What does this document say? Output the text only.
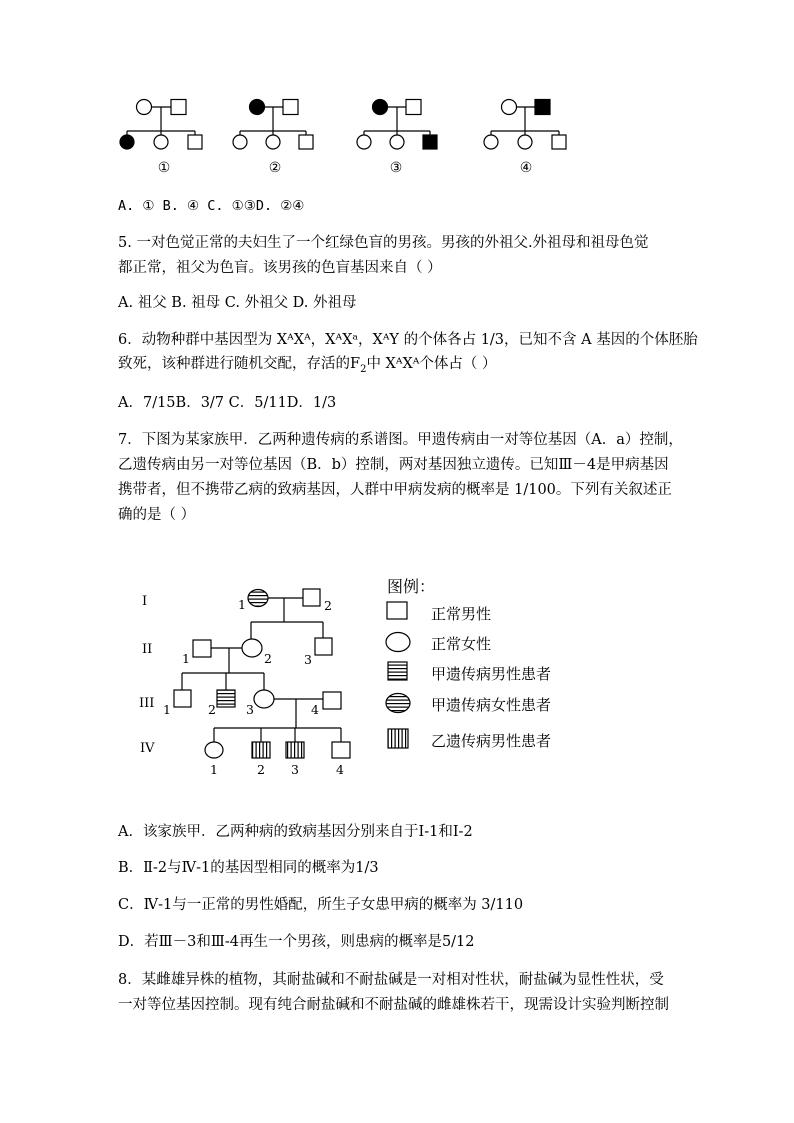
①	②	③	④
A. ① B. ④ C. ①③D. ②④
5. 一对色觉正常的夫妇生了一个红绿色盲的男孩。男孩的外祖父.外祖母和祖母色觉
都正常，祖父为色盲。该男孩的色盲基因来自（ ）
A. 祖父 B. 祖母 C. 外祖父 D. 外祖母
6．动物种群中基因型为 XᴬXᴬ，XᴬXᵃ，XᴬY 的个体各占 1/3，已知不含 A 基因的个体胚胎
致死，该种群进行随机交配，存活的$F_2$中 XᴬXᴬ个体占（ ）
A．7/15B．3/7 C．5/11D．1/3
7．下图为某家族甲．乙两种遗传病的系谱图。甲遗传病由一对等位基因（A．a）控制，
乙遗传病由另一对等位基因（B．b）控制，两对基因独立遗传。已知Ⅲ－4是甲病基因
携带者，但不携带乙病的致病基因，人群中甲病发病的概率是 1/100。下列有关叙述正
确的是（ ）
I
II
III
IV
1	2
1	2	3
1	2 3	4
1	2 3	4
图例：
正常男性
正常女性
甲遗传病男性患者
甲遗传病女性患者
乙遗传病男性患者
A．该家族甲．乙两种病的致病基因分别来自于Ⅰ-1和Ⅰ-2
B．Ⅱ-2与Ⅳ-1的基因型相同的概率为1/3
C．Ⅳ-1与一正常的男性婚配，所生子女患甲病的概率为 3/110
D．若Ⅲ－3和Ⅲ-4再生一个男孩，则患病的概率是5/12
8．某雌雄异株的植物，其耐盐碱和不耐盐碱是一对相对性状，耐盐碱为显性性状，受
一对等位基因控制。现有纯合耐盐碱和不耐盐碱的雌雄株若干，现需设计实验判断控制
